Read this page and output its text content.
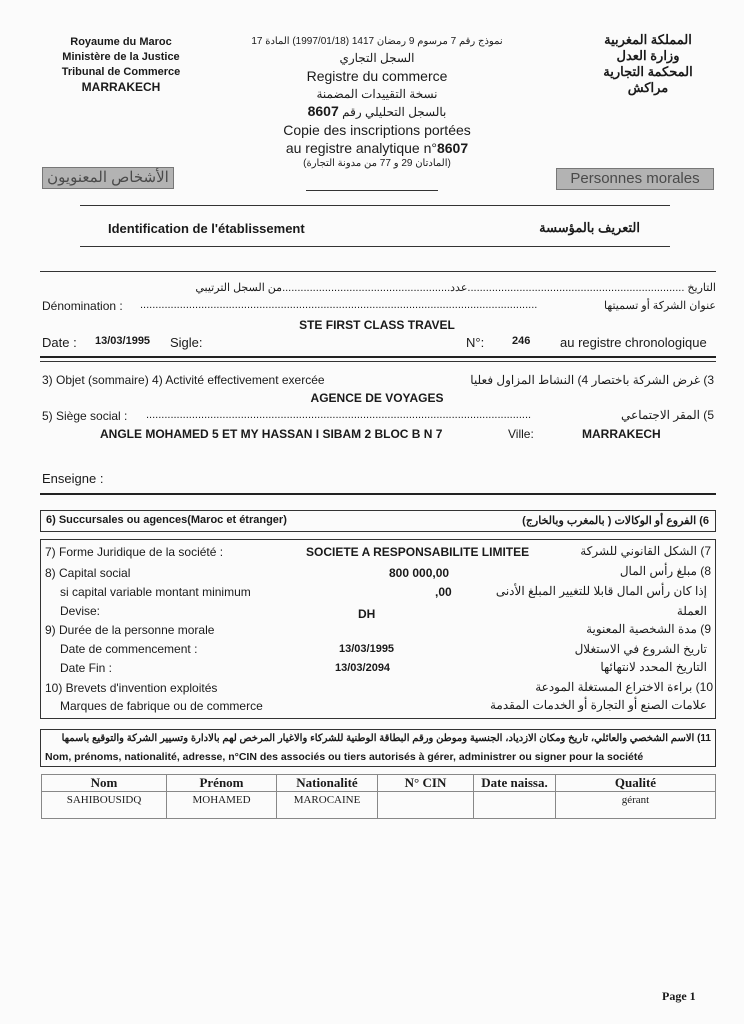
Royaume du Maroc
Ministère de la Justice
Tribunal de Commerce
MARRAKECH
المملكة المغربية
وزارة العدل
المحكمة التجارية
مراكش
نموذج رقم 7 مرسوم 9 رمضان 1417 (1997/01/18) المادة 17
السجل التجاري
Registre du commerce
نسخة التقييدات المضمنة
بالسجل التحليلي رقم 8607
Copie des inscriptions portées
au registre analytique n°8607
(المادتان 29 و 77 من مدونة التجارة)
الأشخاص المعنويون	Personnes morales
Identification de l'établissement	التعريف بالمؤسسة
التاريخ .......................................................................عدد.......................................................من السجل الترتيبي
Dénomination : ..................................................................................................................................	عنوان الشركة أو تسميتها
STE FIRST CLASS TRAVEL
Date : 13/03/1995 Sigle:	N°:	246 au registre chronologique
3) Objet (sommaire) 4) Activité effectivement exercée	3) غرض الشركة باختصار 4) النشاط المزاول فعليا
AGENCE DE VOYAGES
5) Siège social : ..............................................................................................................................	5) المقر الاجتماعي
ANGLE MOHAMED 5 ET MY HASSAN I SIBAM 2 BLOC B N 7	Ville:	MARRAKECH
Enseigne :
6) Succursales ou agences(Maroc et étranger)	6) الفروع أو الوكالات ( بالمغرب وبالخارج)
7) Forme Juridique de la société :	SOCIETE A RESPONSABILITE LIMITEE	7) الشكل القانوني للشركة
8) Capital social	800 000,00	8) مبلغ رأس المال
si capital variable montant minimum	,00	إذا كان رأس المال قابلا للتغيير المبلغ الأدنى
Devise:	DH	العملة
9) Durée de la personne morale	9) مدة الشخصية المعنوية
Date de commencement :	13/03/1995	تاريخ الشروع في الاستغلال
Date Fin :	13/03/2094	التاريخ المحدد لانتهائها
10) Brevets d'invention exploités	10) براءة الاختراع المستغلة المودعة
Marques de fabrique ou de commerce	علامات الصنع أو التجارة أو الخدمات المقدمة
11) الاسم الشخصي والعائلي، تاريخ ومكان الازدياد، الجنسية وموطن ورقم البطاقة الوطنية للشركاء والاغيار المرخص لهم بالادارة وتسيير الشركة والتوقيع باسمها
Nom, prénoms, nationalité, adresse, n°CIN des associés ou tiers autorisés à gérer, administrer ou signer pour la société
Nom	Prénom	Nationalité	N° CIN	Date naissa.	Qualité
SAHIBOUSIDQ	MOHAMED	MAROCAINE			gérant
Page 1
